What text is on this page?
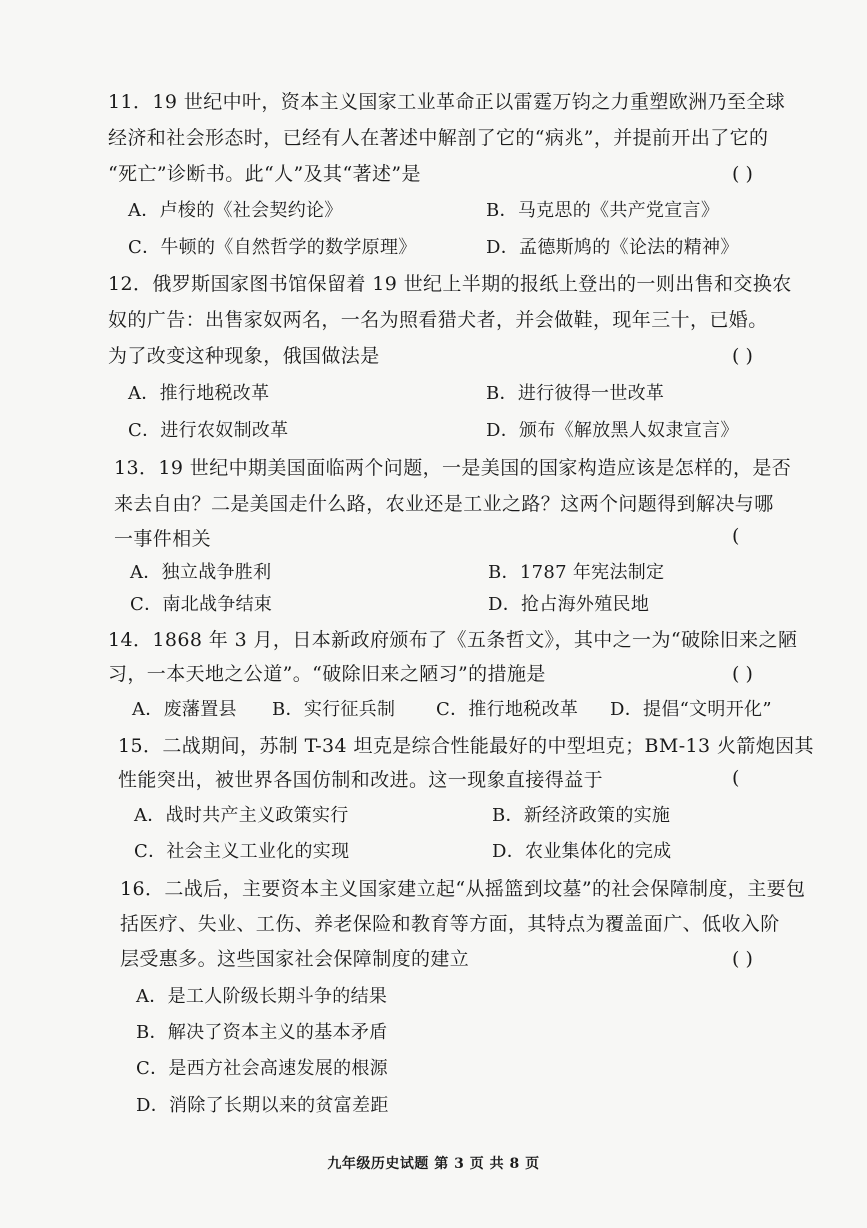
11．19 世纪中叶，资本主义国家工业革命正以雷霆万钧之力重塑欧洲乃至全球
经济和社会形态时，已经有人在著述中解剖了它的“病兆”，并提前开出了它的
“死亡”诊断书。此“人”及其“著述”是	( )
A．卢梭的《社会契约论》	B．马克思的《共产党宣言》
C．牛顿的《自然哲学的数学原理》	D．孟德斯鸠的《论法的精神》
12．俄罗斯国家图书馆保留着 19 世纪上半期的报纸上登出的一则出售和交换农
奴的广告：出售家奴两名，一名为照看猎犬者，并会做鞋，现年三十，已婚。
为了改变这种现象，俄国做法是	( )
A．推行地税改革	B．进行彼得一世改革
C．进行农奴制改革	D．颁布《解放黑人奴隶宣言》
13．19 世纪中期美国面临两个问题，一是美国的国家构造应该是怎样的，是否
来去自由？二是美国走什么路，农业还是工业之路？这两个问题得到解决与哪
一事件相关	(
A．独立战争胜利	B．1787 年宪法制定
C．南北战争结束	D．抢占海外殖民地
14．1868 年 3 月，日本新政府颁布了《五条哲文》，其中之一为“破除旧来之陋
习，一本天地之公道”。“破除旧来之陋习”的措施是	( )
A．废藩置县 B．实行征兵制 C．推行地税改革 D．提倡“文明开化”
15．二战期间，苏制 T-34 坦克是综合性能最好的中型坦克；BM-13 火箭炮因其
性能突出，被世界各国仿制和改进。这一现象直接得益于	(
A．战时共产主义政策实行	B．新经济政策的实施
C．社会主义工业化的实现	D．农业集体化的完成
16．二战后，主要资本主义国家建立起“从摇篮到坟墓”的社会保障制度，主要包
括医疗、失业、工伤、养老保险和教育等方面，其特点为覆盖面广、低收入阶
层受惠多。这些国家社会保障制度的建立	( )
A．是工人阶级长期斗争的结果
B．解决了资本主义的基本矛盾
C．是西方社会高速发展的根源
D．消除了长期以来的贫富差距
九年级历史试题 第 3 页 共 8 页
